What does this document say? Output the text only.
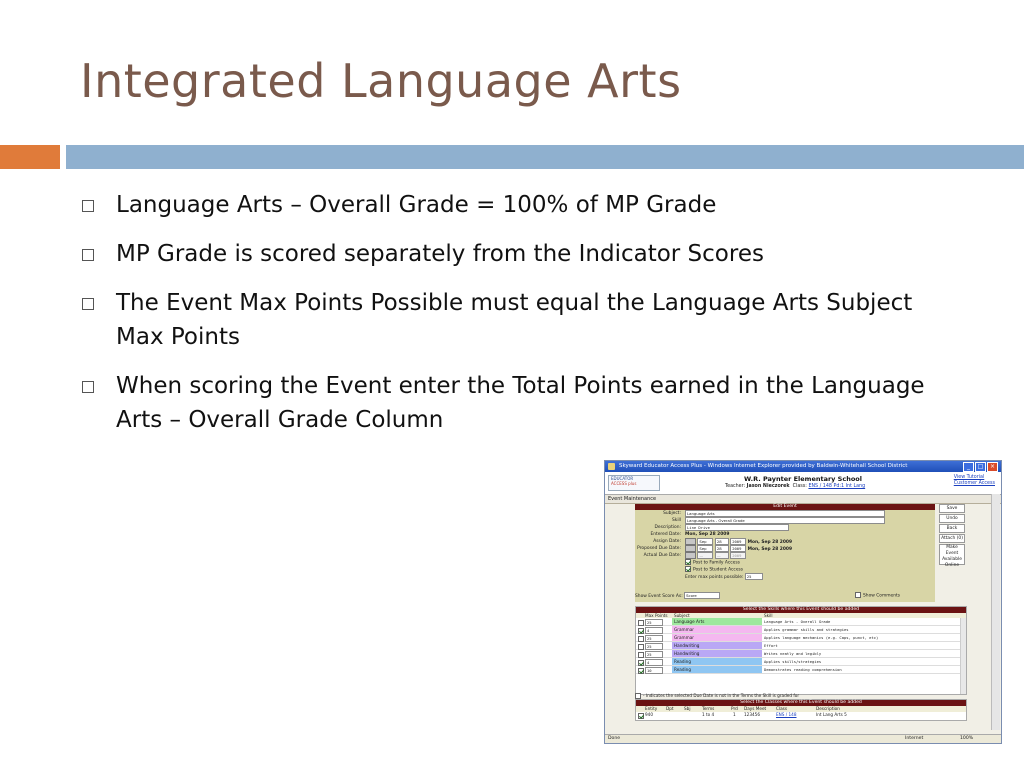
Integrated Language Arts
Language Arts – Overall Grade = 100% of MP Grade
MP Grade is scored separately from the Indicator Scores
The Event Max Points Possible must equal the Language Arts Subject Max Points
When scoring the Event enter the Total Points earned in the Language Arts – Overall Grade Column
Skyward Educator Access Plus - Windows Internet Explorer provided by Baldwin-Whitehall School District	_	□	×
EDUCATOR
ACCESS plus
W.R. Paynter Elementary School
Teacher: Jason Nieczorek Class: ENS / 148 Pd:1 Int Lang
View Tutorial
Customer Access
Event Maintenance
Edit Event
Subject:	Language Arts
Skill	Language Arts - Overall Grade
Description:	Line Drive
Entered Date: Mon, Sep 28 2009
Assign Date:	Sep	28	2009 Mon, Sep 28 2009
Proposed Due Date:	Sep	28	2009 Mon, Sep 28 2009
Actual Due Date:	—	—	2009
Post to Family Access
Post to Student Access
Enter max points possible: 25
Save
Undo
Back
Attach (0)
Make Event Available Online
Show Event Score As: Score	Show Comments
Select the Skills where this Event should be added
Max Points Subject	Skill
25	Language Arts	Language Arts - Overall Grade
4	Grammar	Applies grammar skills and strategies
25	Grammar	Applies language mechanics (e.g. Caps, punct, etc)
25	Handwriting	Effort
25	Handwriting	Writes neatly and legibly
4	Reading	Applies skills/strategies
10	Reading	Demonstrates reading comprehension
- Indicates the selected Due Date is not in the Terms the Skill is graded for
Select the Classes where this Event should be added
Entity Dpt Sbj	Terms	Prd Days Meet Class	Description
940	1 to 4	1 123456	ENS / 148	Int Lang Arts 5
Done	Internet	100%
